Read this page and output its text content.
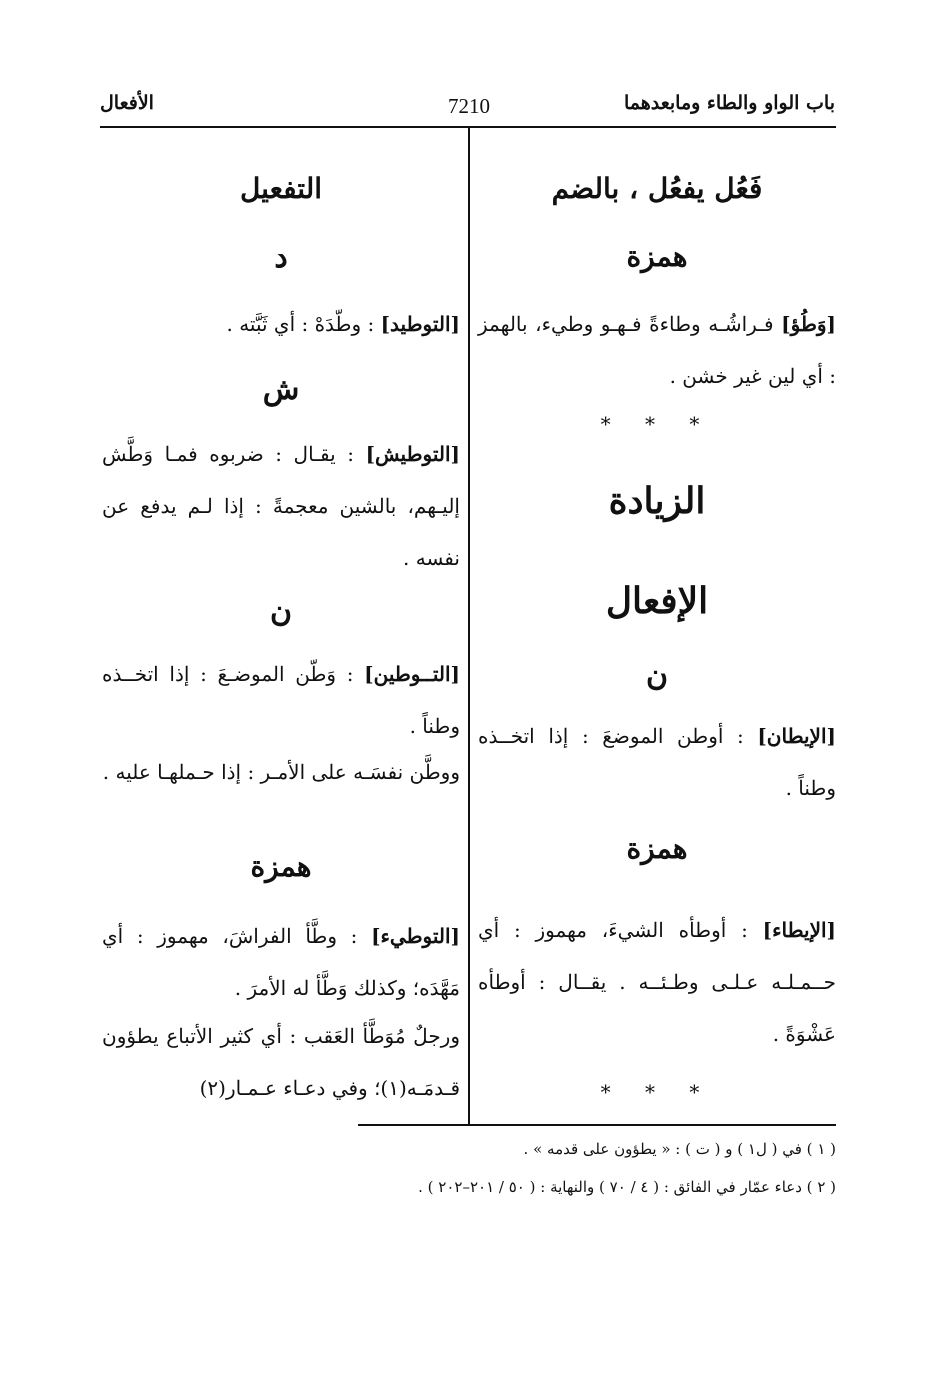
باب الواو والطاء ومابعدهما
7210
الأفعال
فَعُل يفعُل ، بالضم
همزة
[وَطُؤ] فـراشُـه وطاءةً فـهـو وطيء، بالهمز : أي لين غير خشن .
* * *
الزيادة
الإفعال
ن
[الإيطان] : أوطن الموضعَ : إذا اتخــذه وطناً .
همزة
[الإيطاء] : أوطأه الشيءَ، مهموز : أي حــمـلـه عـلـى وطـئــه . يقــال : أوطأه عَشْوَةً .
* * *
التفعيل
د
[التوطيد] : وطّدَهْ : أي ثَبَّته .
ش
[التوطيش] : يقـال : ضربوه فمـا وَطَّش إليـهم، بالشين معجمةً : إذا لـم يدفع عن نفسه .
ن
[التــوطين] : وَطّن الموضـعَ : إذا اتخــذه وطناً .
ووطَّن نفسَـه على الأمـر : إذا حـملهـا عليه .
همزة
[التوطيء] : وطَّأ الفراشَ، مهموز : أي مَهَّدَه؛ وكذلك وَطَّأ له الأمرَ .
ورجلٌ مُوَطَّأ العَقب : أي كثير الأتباع يطؤون قـدمَـه(١)؛ وفي دعـاء عـمـار(٢)
( ١ ) في ( ل١ ) و ( ت ) : « يطؤون على قدمه » .
( ٢ ) دعاء عمّار في الفائق : ( ٤ / ٧٠ ) والنهاية : ( ٥٠ / ٢٠١–٢٠٢ ) .
